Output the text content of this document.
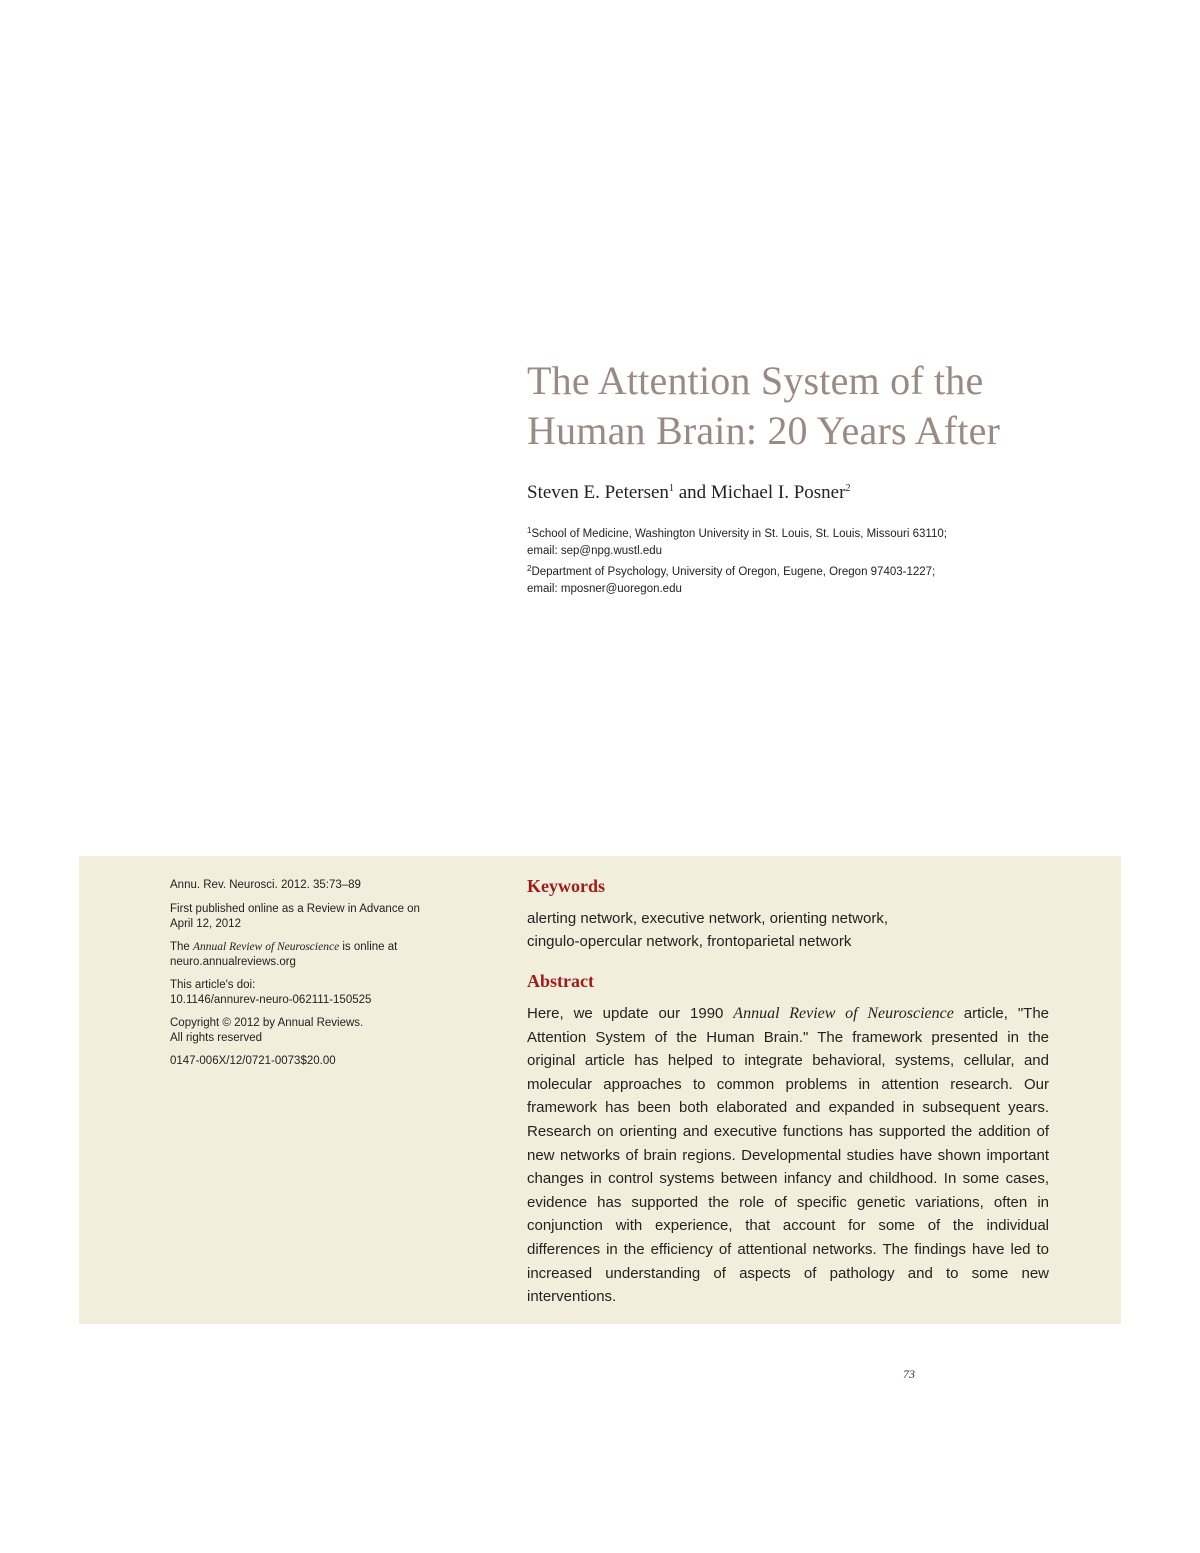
The Attention System of the
Human Brain: 20 Years After
Steven E. Petersen$^1$ and Michael I. Posner$^2$

$^1$School of Medicine, Washington University in St. Louis, St. Louis, Missouri 63110;

email: sep@npg.wustl.edu

$^2$Department of Psychology, University of Oregon, Eugene, Oregon 97403-1227;

email: mposner@uoregon.edu

Annu. Rev. Neurosci. 2012. 35:73–89

First published online as a Review in Advance on
April 12, 2012

The Annual Review of Neuroscience is online at
neuro.annualreviews.org

This article's doi:
10.1146/annurev-neuro-062111-150525

Copyright © 2012 by Annual Reviews.
All rights reserved

0147-006X/12/0721-0073$20.00

Keywords
alerting network, executive network, orienting network,
cingulo-opercular network, frontoparietal network
Abstract

Here, we update our 1990 Annual Review of Neuroscience article, "The Attention System of the Human Brain." The framework presented in the original article has helped to integrate behavioral, systems, cellular, and molecular approaches to common problems in attention research. Our framework has been both elaborated and expanded in subsequent years. Research on orienting and executive functions has supported the addition of new networks of brain regions. Developmental studies have shown important changes in control systems between infancy and childhood. In some cases, evidence has supported the role of specific genetic variations, often in conjunction with experience, that account for some of the individual differences in the efficiency of attentional networks. The findings have led to increased understanding of aspects of pathology and to some new interventions.

73
